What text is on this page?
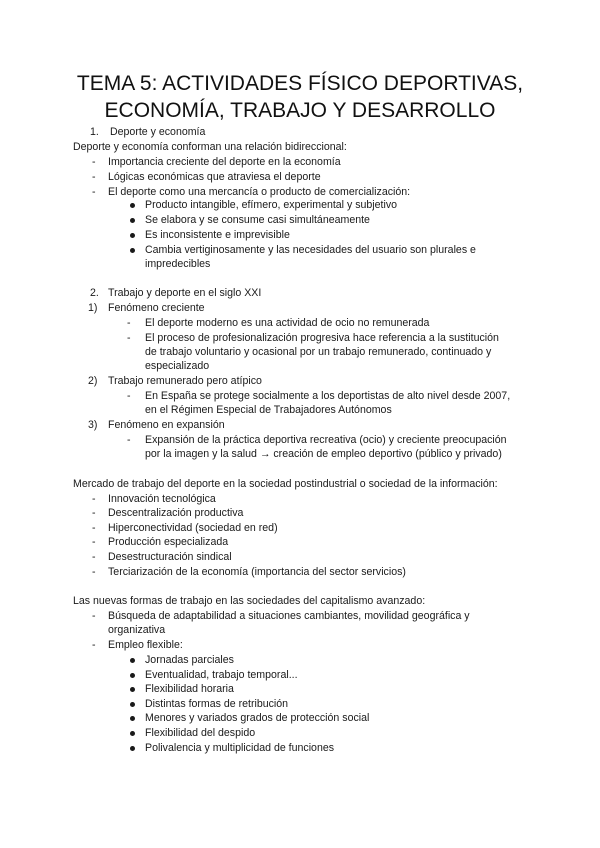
TEMA 5: ACTIVIDADES FÍSICO DEPORTIVAS,
ECONOMÍA, TRABAJO Y DESARROLLO
1. Deporte y economía
Deporte y economía conforman una relación bidireccional:
- Importancia creciente del deporte en la economía
- Lógicas económicas que atraviesa el deporte
- El deporte como una mercancía o producto de comercialización:
Producto intangible, efímero, experimental y subjetivo
Se elabora y se consume casi simultáneamente
Es inconsistente e imprevisible
Cambia vertiginosamente y las necesidades del usuario son plurales e
impredecibles
2. Trabajo y deporte en el siglo XXI
1) Fenómeno creciente
- El deporte moderno es una actividad de ocio no remunerada
- El proceso de profesionalización progresiva hace referencia a la sustitución
de trabajo voluntario y ocasional por un trabajo remunerado, continuado y
especializado
2) Trabajo remunerado pero atípico
- En España se protege socialmente a los deportistas de alto nivel desde 2007,
en el Régimen Especial de Trabajadores Autónomos
3) Fenómeno en expansión
- Expansión de la práctica deportiva recreativa (ocio) y creciente preocupación
por la imagen y la salud → creación de empleo deportivo (público y privado)
Mercado de trabajo del deporte en la sociedad postindustrial o sociedad de la información:
- Innovación tecnológica
- Descentralización productiva
- Hiperconectividad (sociedad en red)
- Producción especializada
- Desestructuración sindical
- Terciarización de la economía (importancia del sector servicios)
Las nuevas formas de trabajo en las sociedades del capitalismo avanzado:
- Búsqueda de adaptabilidad a situaciones cambiantes, movilidad geográfica y
organizativa
- Empleo flexible:
Jornadas parciales
Eventualidad, trabajo temporal...
Flexibilidad horaria
Distintas formas de retribución
Menores y variados grados de protección social
Flexibilidad del despido
Polivalencia y multiplicidad de funciones
